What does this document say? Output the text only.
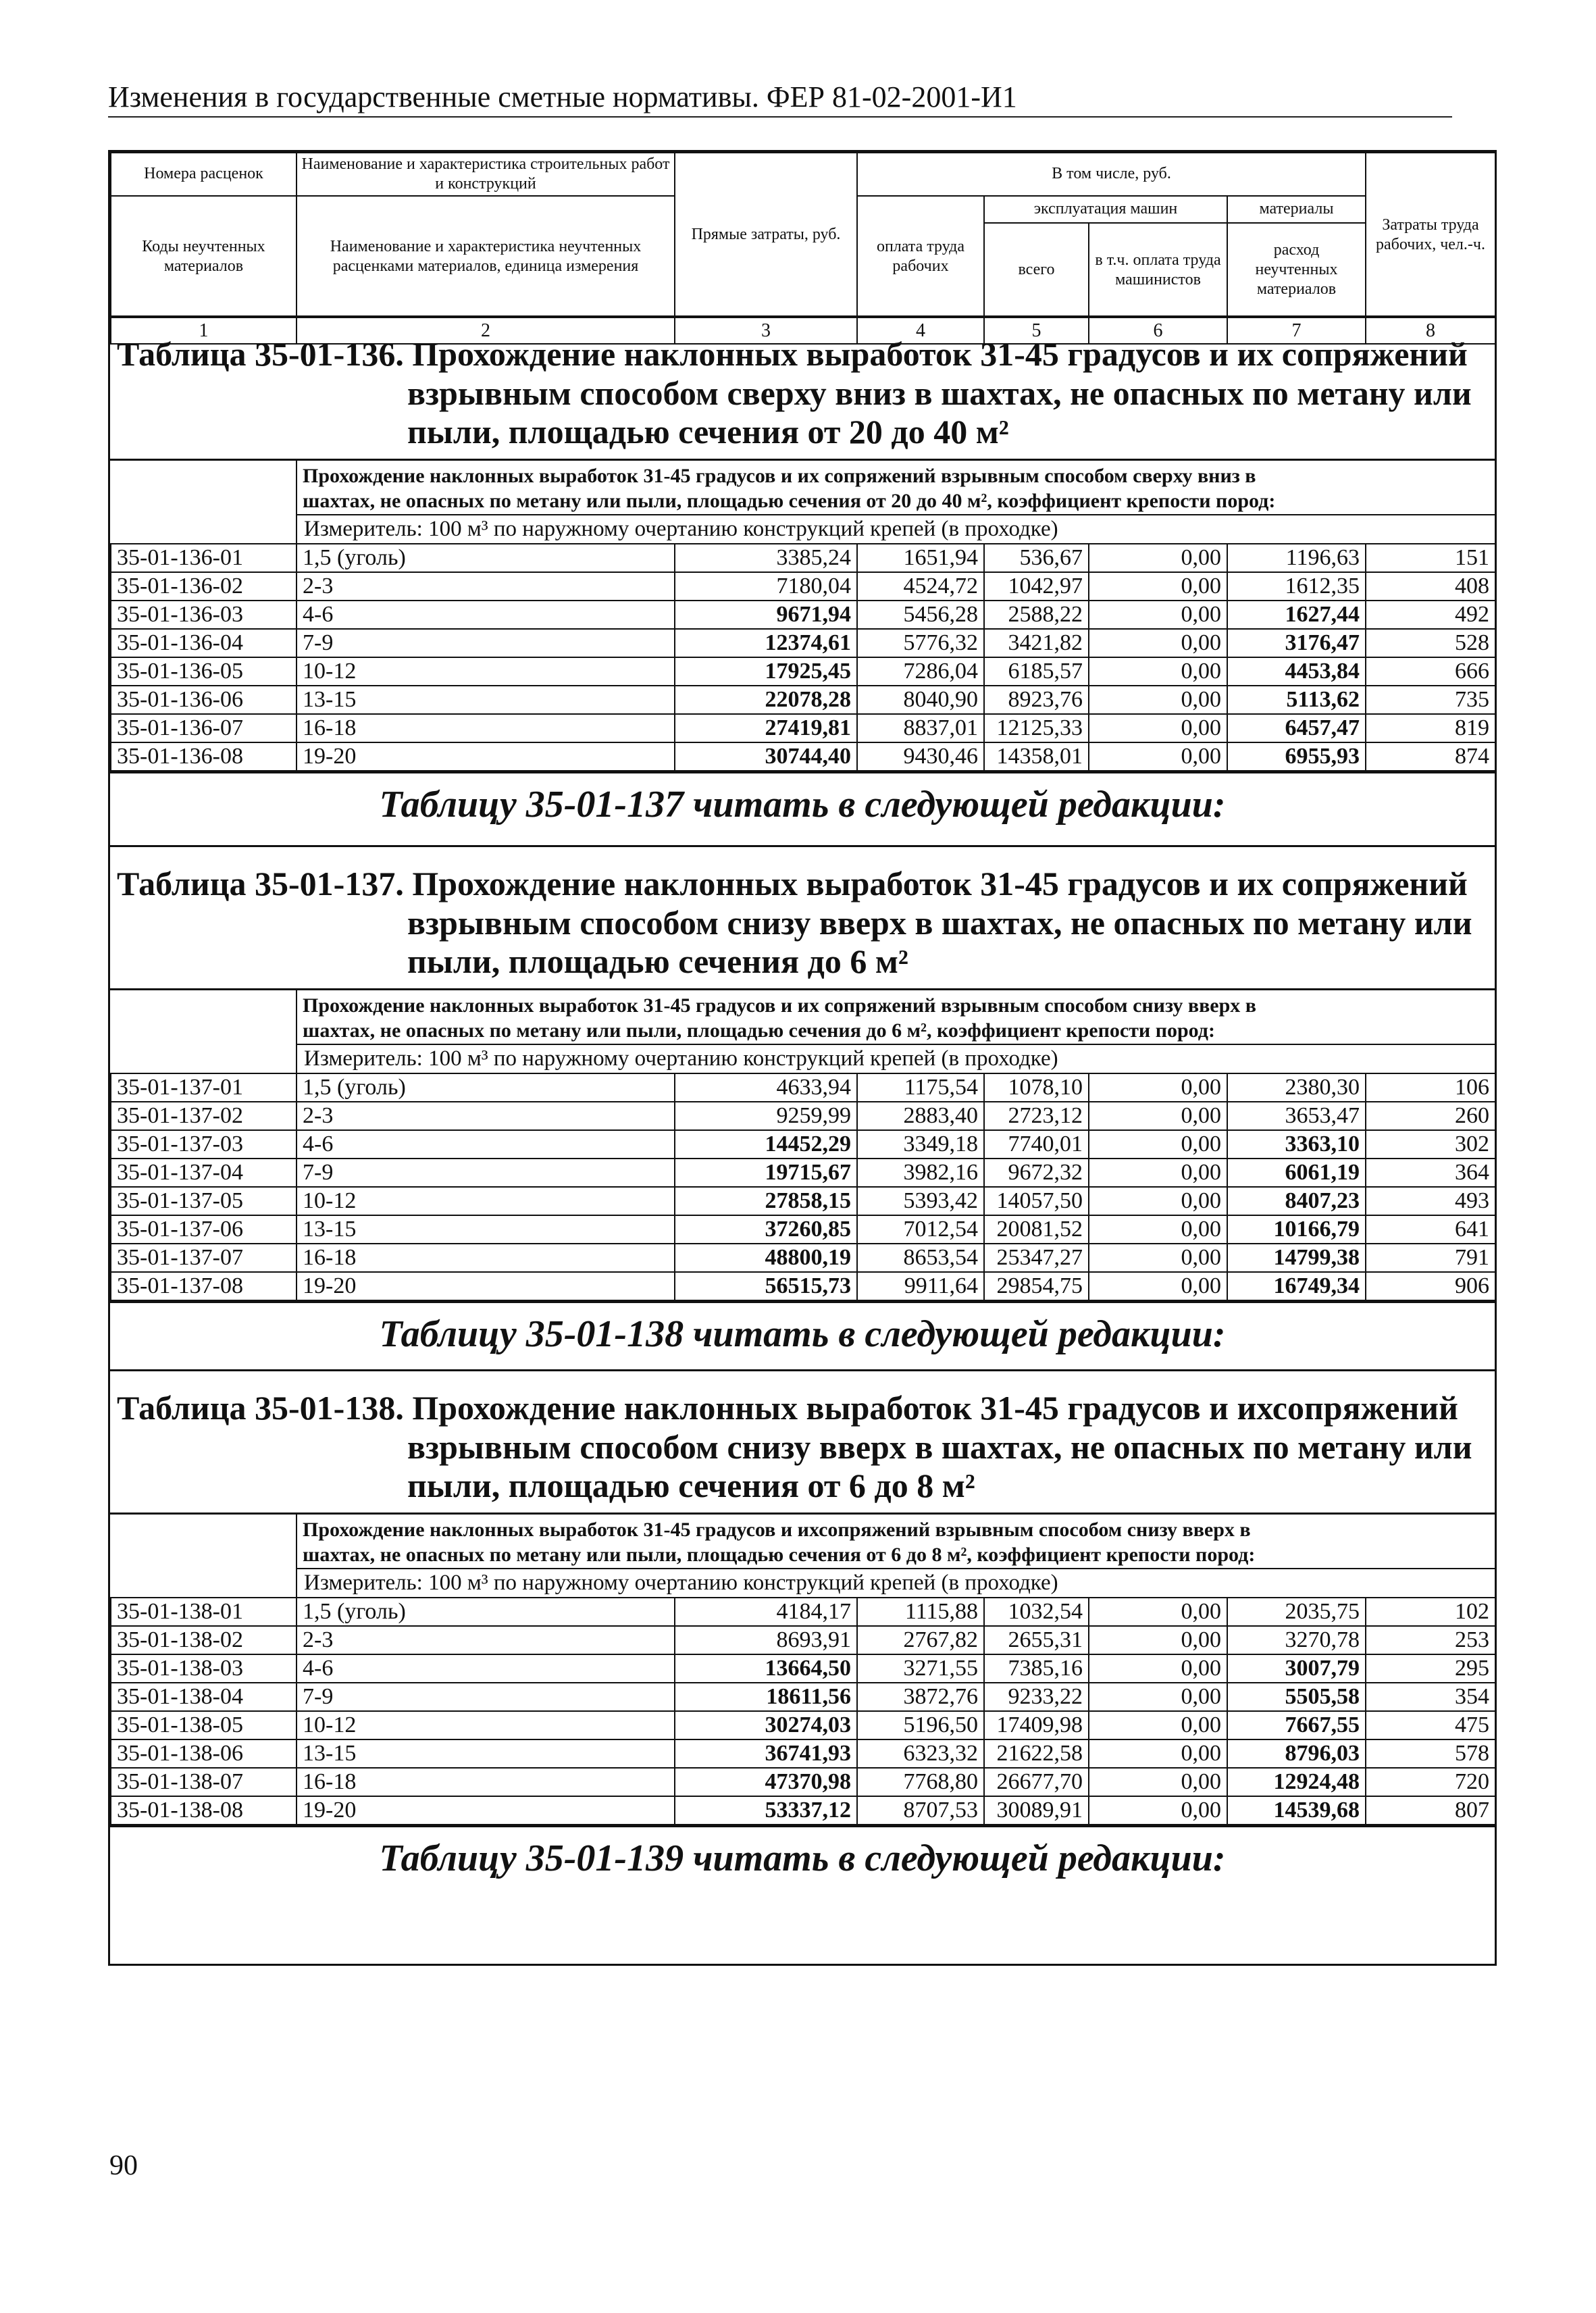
Изменения в государственные сметные нормативы. ФЕР 81-02-2001-И1
Номера расценок	Наименование и характеристика строительных работ и конструкций	Прямые затраты, руб.	В том числе, руб.				Затраты труда рабочих, чел.-ч.
Коды неучтенных материалов	Наименование и характеристика неучтенных расценками материалов, единица измерения		оплата труда рабочих	эксплуатация машин		материалы	
				всего	в т.ч. оплата труда машинистов	расход неучтенных материалов	
1	2	3	4	5	6	7	8
Таблица 35-01-136. Прохождение наклонных выработок 31-45 градусов и их сопряжений
взрывным способом сверху вниз в шахтах, не опасных по метану или
пыли, площадью сечения от 20 до 40 м²
Прохождение наклонных выработок 31-45 градусов и их сопряжений взрывным способом сверху вниз в
шахтах, не опасных по метану или пыли, площадью сечения от 20 до 40 м², коэффициент крепости пород:
Измеритель: 100 м³ по наружному очертанию конструкций крепей (в проходке)
35-01-136-01	1,5 (уголь)	3385,24	1651,94	536,67	0,00	1196,63	151
35-01-136-02	2-3	7180,04	4524,72	1042,97	0,00	1612,35	408
35-01-136-03	4-6	9671,94	5456,28	2588,22	0,00	1627,44	492
35-01-136-04	7-9	12374,61	5776,32	3421,82	0,00	3176,47	528
35-01-136-05	10-12	17925,45	7286,04	6185,57	0,00	4453,84	666
35-01-136-06	13-15	22078,28	8040,90	8923,76	0,00	5113,62	735
35-01-136-07	16-18	27419,81	8837,01	12125,33	0,00	6457,47	819
35-01-136-08	19-20	30744,40	9430,46	14358,01	0,00	6955,93	874
Таблицу 35-01-137 читать в следующей редакции:
Таблица 35-01-137. Прохождение наклонных выработок 31-45 градусов и их сопряжений
взрывным способом снизу вверх в шахтах, не опасных по метану или
пыли, площадью сечения до 6 м²
Прохождение наклонных выработок 31-45 градусов и их сопряжений взрывным способом снизу вверх в
шахтах, не опасных по метану или пыли, площадью сечения до 6 м², коэффициент крепости пород:
Измеритель: 100 м³ по наружному очертанию конструкций крепей (в проходке)
35-01-137-01	1,5 (уголь)	4633,94	1175,54	1078,10	0,00	2380,30	106
35-01-137-02	2-3	9259,99	2883,40	2723,12	0,00	3653,47	260
35-01-137-03	4-6	14452,29	3349,18	7740,01	0,00	3363,10	302
35-01-137-04	7-9	19715,67	3982,16	9672,32	0,00	6061,19	364
35-01-137-05	10-12	27858,15	5393,42	14057,50	0,00	8407,23	493
35-01-137-06	13-15	37260,85	7012,54	20081,52	0,00	10166,79	641
35-01-137-07	16-18	48800,19	8653,54	25347,27	0,00	14799,38	791
35-01-137-08	19-20	56515,73	9911,64	29854,75	0,00	16749,34	906
Таблицу 35-01-138 читать в следующей редакции:
Таблица 35-01-138. Прохождение наклонных выработок 31-45 градусов и ихсопряжений
взрывным способом снизу вверх в шахтах, не опасных по метану или
пыли, площадью сечения от 6 до 8 м²
Прохождение наклонных выработок 31-45 градусов и ихсопряжений взрывным способом снизу вверх в
шахтах, не опасных по метану или пыли, площадью сечения от 6 до 8 м², коэффициент крепости пород:
Измеритель: 100 м³ по наружному очертанию конструкций крепей (в проходке)
35-01-138-01	1,5 (уголь)	4184,17	1115,88	1032,54	0,00	2035,75	102
35-01-138-02	2-3	8693,91	2767,82	2655,31	0,00	3270,78	253
35-01-138-03	4-6	13664,50	3271,55	7385,16	0,00	3007,79	295
35-01-138-04	7-9	18611,56	3872,76	9233,22	0,00	5505,58	354
35-01-138-05	10-12	30274,03	5196,50	17409,98	0,00	7667,55	475
35-01-138-06	13-15	36741,93	6323,32	21622,58	0,00	8796,03	578
35-01-138-07	16-18	47370,98	7768,80	26677,70	0,00	12924,48	720
35-01-138-08	19-20	53337,12	8707,53	30089,91	0,00	14539,68	807
Таблицу 35-01-139 читать в следующей редакции:
90
